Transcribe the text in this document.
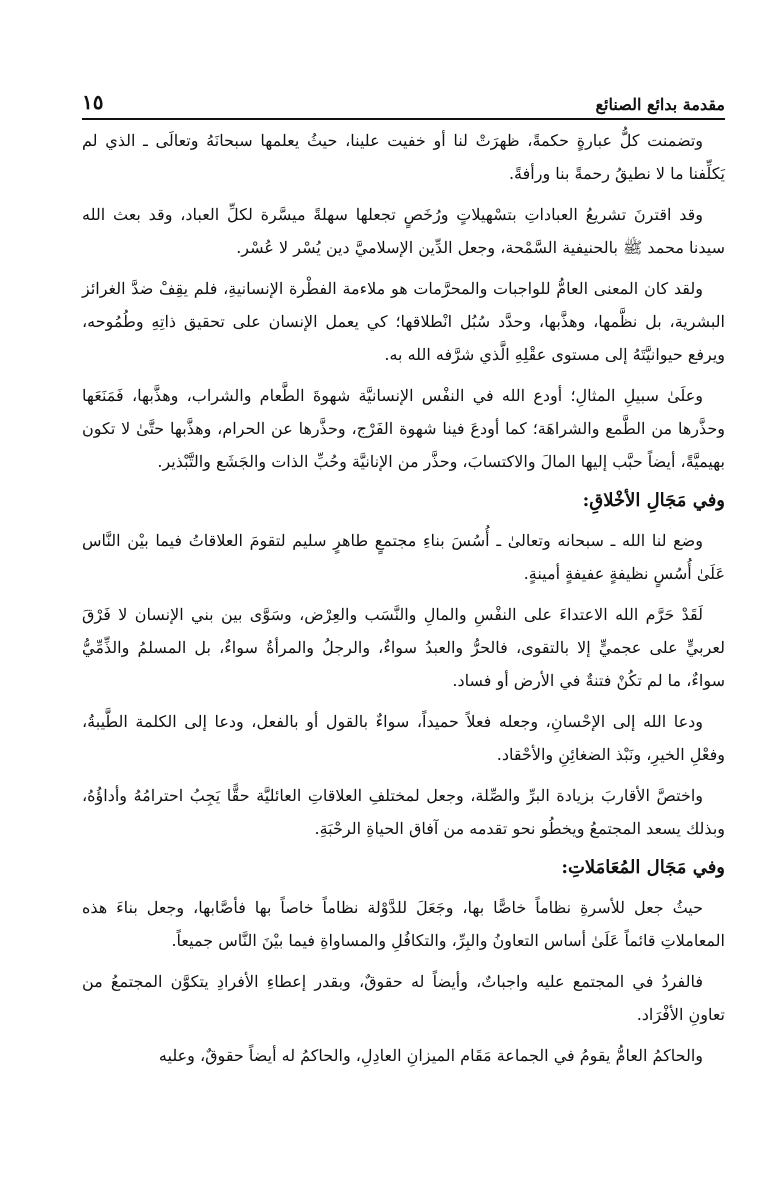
مقدمة بدائع الصنائع
١٥

وتضمنت كلُّ عبارةٍ حكمةً، ظهرَتْ لنا أو خفيت علينا، حيثُ يعلمها سبحانَهُ وتعالَى ـ الذي لم يَكلِّفنا ما لا نطيقُ رحمةً بنا ورأفةً.

وقد اقترنَ تشريعُ العباداتِ بتسْهيلاتٍ ورُخَصٍ تجعلها سهلةً ميسَّرة لكلِّ العباد، وقد بعث الله سيدنا محمد ﷺ بالحنيفية السَّمْحة، وجعل الدِّين الإسلاميَّ دين يُسْر لا عُسْر.

ولقد كان المعنى العامُّ للواجبات والمحرَّمات هو ملاءمة الفطْرة الإنسانيةِ، فلم يقِفْ ضدَّ الغرائز البشرية، بل نظَّمها، وهذَّبها، وحدَّد سُبُل انْطلاقها؛ كي يعمل الإنسان على تحقيق ذاتِهِ وطُمُوحه، ويرفع حيوانيَّتَهُ إلى مستوى عقْلِهِ الَّذي شرَّفه الله به.

وعلَىٰ سبيلِ المثالِ؛ أودع الله في النفْس الإنسانيَّة شهوةَ الطَّعام والشراب، وهذَّبها، فَمَنَعَها وحذَّرها من الطَّمع والشراهَة؛ كما أودعَ فينا شهوة الفَرْج، وحذَّرها عن الحرام، وهذَّبها حتَّىٰ لا تكون بهيميَّةً، أيضاً حبَّب إليها المالَ والاكتسابَ، وحذَّر من الإنانيَّة وحُبِّ الذات والجَشَع والتَّبْذير.

وفي مَجَالِ الأخْلاقِ:

وضع لنا الله ـ سبحانه وتعالىٰ ـ أُسُسَ بناءِ مجتمعٍ طاهرٍ سليم لتقومَ العلاقاتُ فيما بيْن النَّاس عَلَىٰ أُسُسٍ نظيفةٍ عفيفةٍ أمينةٍ.

لَقَدْ حَرَّم الله الاعتداءَ على النفْسِ والمالِ والنَّسَب والعِرْض، وسَوَّى بين بني الإنسان لا فَرْقَ لعربيٍّ على عجميٍّ إلا بالتقوى، فالحرُّ والعبدُ سواءٌ، والرجلُ والمرأةُ سواءٌ، بل المسلمُ والذِّمِّيُّ سواءٌ، ما لم تكُنْ فتنةٌ في الأرض أو فساد.

ودعا الله إلى الإحْسانِ، وجعله فعلاً حميداً، سواءٌ بالقول أو بالفعل، ودعا إلى الكلمة الطَّيبةُ، وفعْلِ الخيرِ، ونَبْذ الضغائِنِ والأحْقاد.

واختصَّ الأقاربَ بزيادة البرِّ والصِّلة، وجعل لمختلفِ العلاقاتِ العائليَّة حقًّا يَجِبُ احترامُهُ وأداؤُهُ، وبذلك يسعد المجتمعُ ويخطُو نحو تقدمه من آفاق الحياةِ الرحْبَةِ.

وفي مَجَال المُعَامَلاتِ:

حيثُ جعل للأسرةِ نظاماً خاصًّا بها، وجَعَلَ للدَّوْلة نظاماً خاصاً بها فأصَّابها، وجعل بناءَ هذه المعاملاتِ قائماً عَلَىٰ أساس التعاونُ والبِرِّ، والتكافُلِ والمساواةِ فيما بيْنَ النَّاس جميعاً.

فالفردُ في المجتمع عليه واجباتٌ، وأيضاً له حقوقٌ، وبقدر إعطاءِ الأفرادِ يتكوَّن المجتمعُ من تعاونِ الأفْرَاد.

والحاكمُ العامُّ يقومُ في الجماعة مَقَام الميزانِ العادِلِ، والحاكمُ له أيضاً حقوقٌ، وعليه
